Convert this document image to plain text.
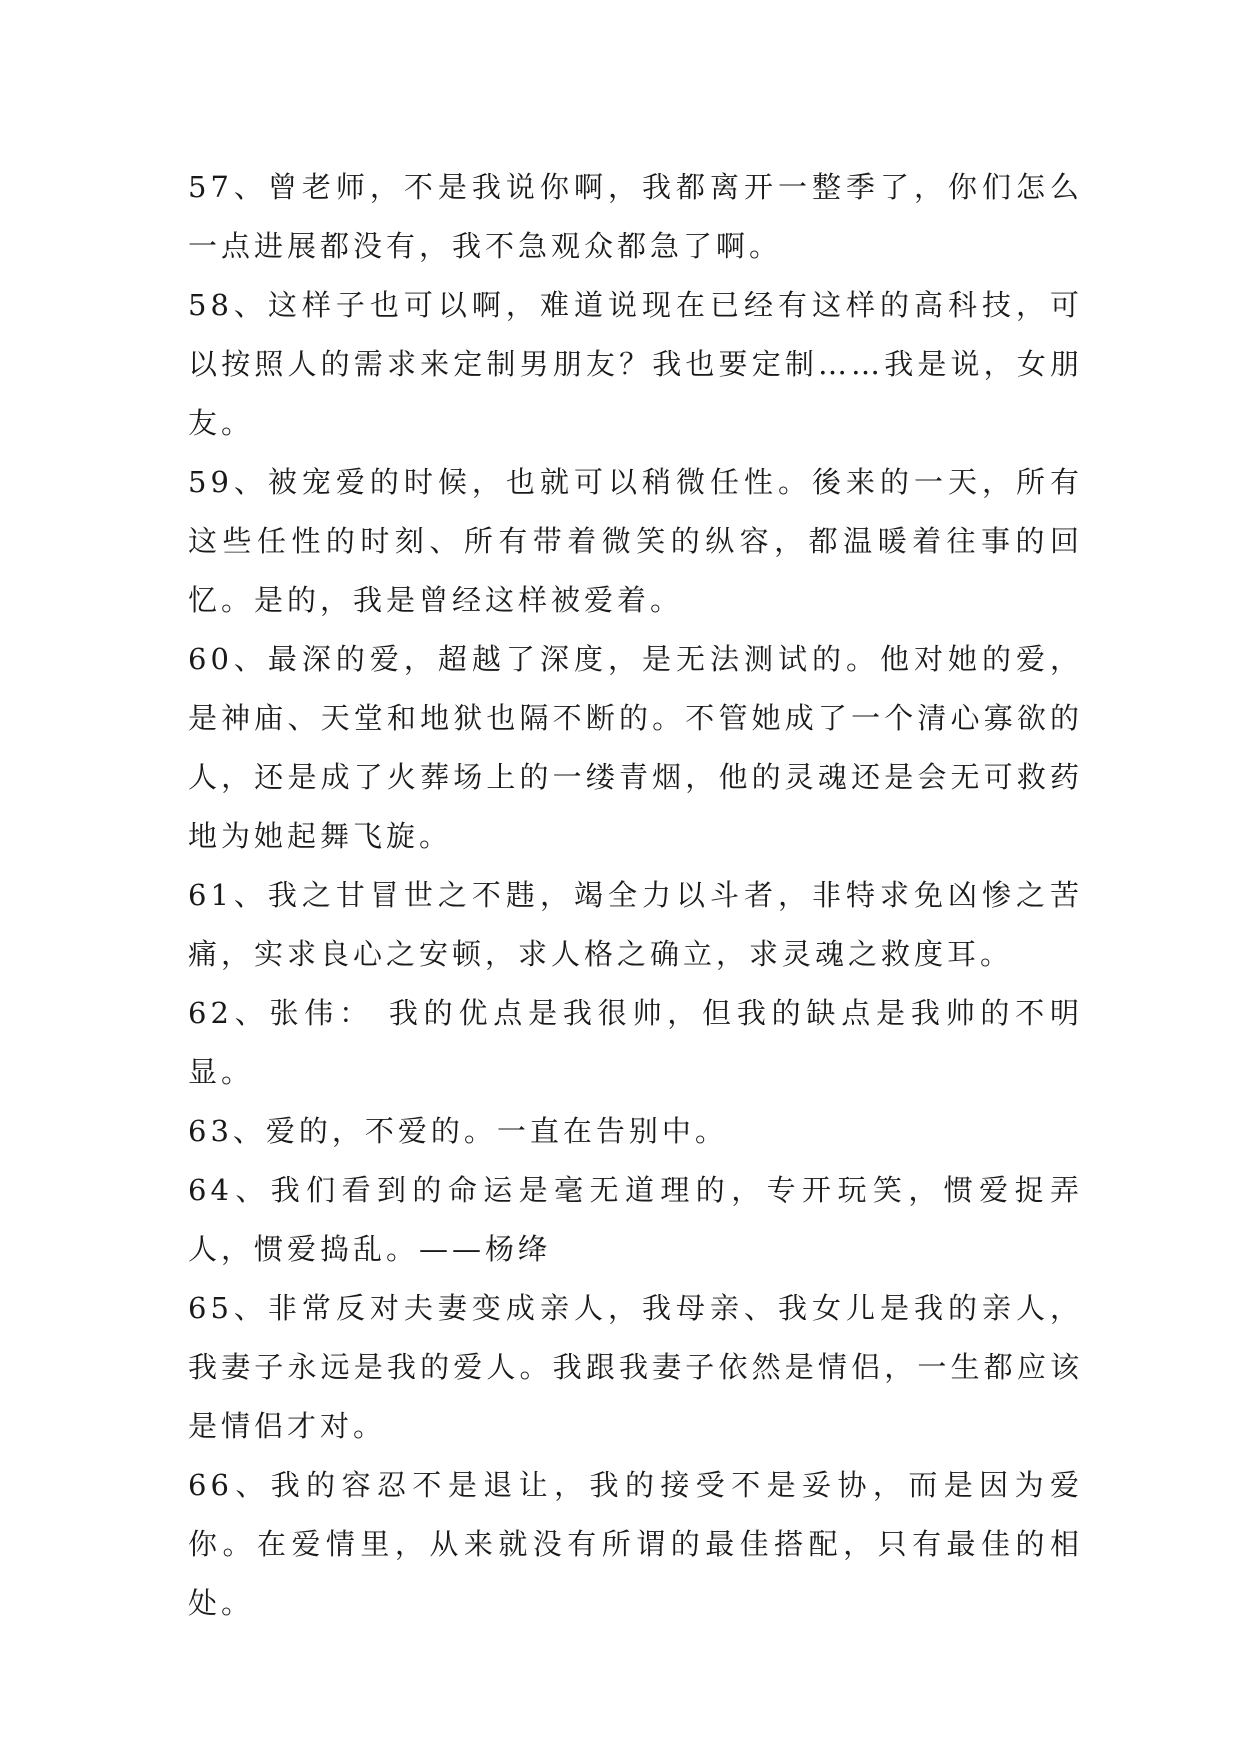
57、曾老师，不是我说你啊，我都离开一整季了，你们怎么一点进展都没有，我不急观众都急了啊。

58、这样子也可以啊，难道说现在已经有这样的高科技，可以按照人的需求来定制男朋友？我也要定制……我是说，女朋友。

59、被宠爱的时候，也就可以稍微任性。後来的一天，所有这些任性的时刻、所有带着微笑的纵容，都温暖着往事的回忆。是的，我是曾经这样被爱着。

60、最深的爱，超越了深度，是无法测试的。他对她的爱，是神庙、天堂和地狱也隔不断的。不管她成了一个清心寡欲的人，还是成了火葬场上的一缕青烟，他的灵魂还是会无可救药地为她起舞飞旋。

61、我之甘冒世之不韪，竭全力以斗者，非特求免凶惨之苦痛，实求良心之安顿，求人格之确立，求灵魂之救度耳。

62、张伟： 我的优点是我很帅，但我的缺点是我帅的不明显。

63、爱的，不爱的。一直在告别中。

64、我们看到的命运是毫无道理的，专开玩笑，惯爱捉弄人，惯爱捣乱。——杨绛

65、非常反对夫妻变成亲人，我母亲、我女儿是我的亲人，我妻子永远是我的爱人。我跟我妻子依然是情侣，一生都应该是情侣才对。

66、我的容忍不是退让，我的接受不是妥协，而是因为爱你。在爱情里，从来就没有所谓的最佳搭配，只有最佳的相处。
